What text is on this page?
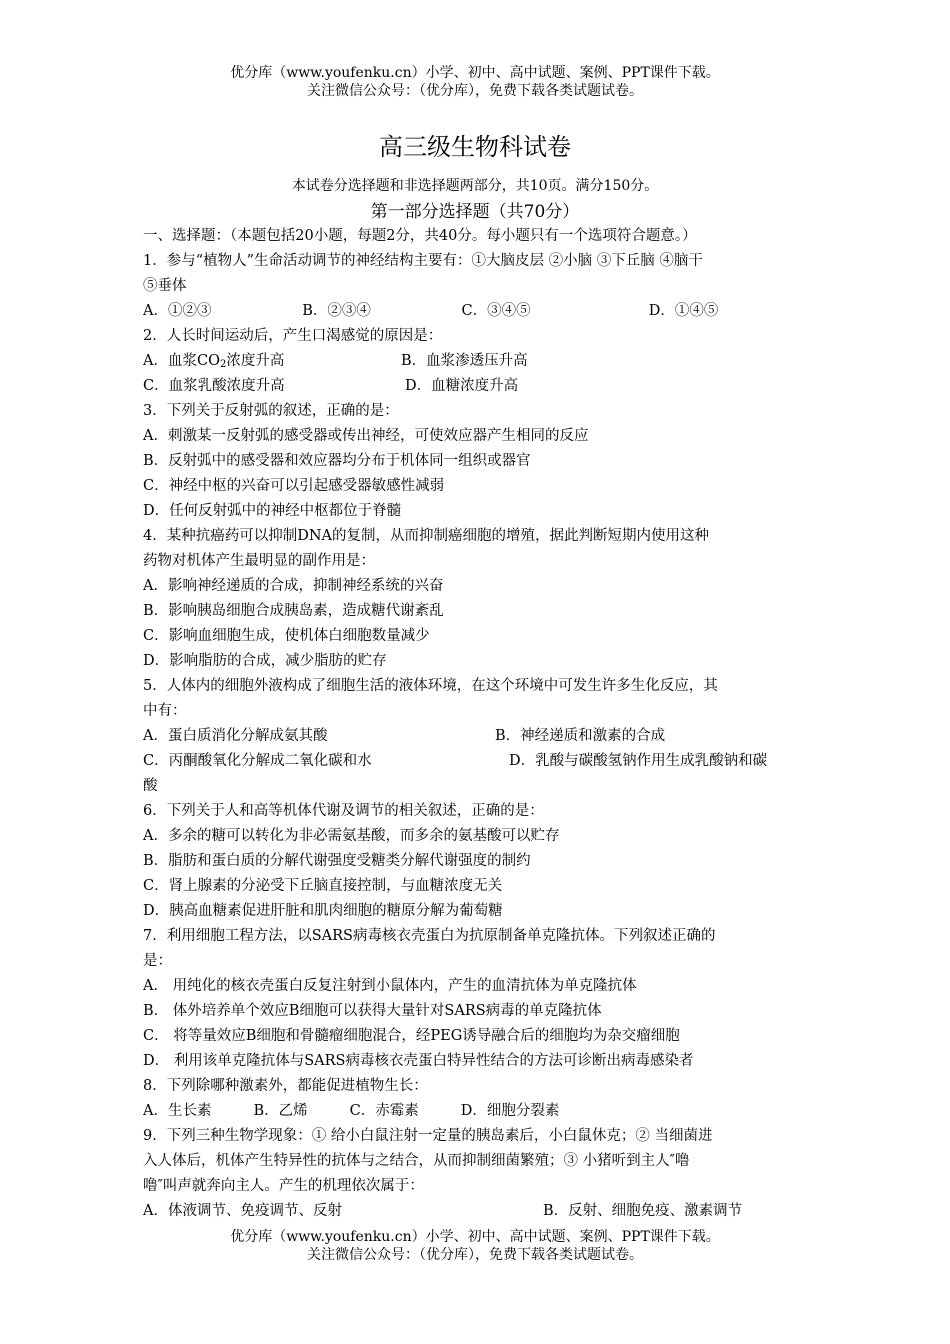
优分库（www.youfenku.cn）小学、初中、高中试题、案例、PPT课件下载。
关注微信公众号：（优分库），免费下载各类试题试卷。
高三级生物科试卷
本试卷分选择题和非选择题两部分，共10页。满分150分。
第一部分选择题（共70分）
一、选择题：（本题包括20小题，每题2分，共40分。每小题只有一个选项符合题意。）
1．参与“植物人”生命活动调节的神经结构主要有：①大脑皮层 ②小脑 ③下丘脑 ④脑干
⑤垂体
A．①②③	B．②③④	C．③④⑤	D．①④⑤
2．人长时间运动后，产生口渴感觉的原因是：
A．血浆$CO_2$浓度升高	B．血浆渗透压升高
C．血浆乳酸浓度升高	D．血糖浓度升高
3．下列关于反射弧的叙述，正确的是：
A．刺激某一反射弧的感受器或传出神经，可使效应器产生相同的反应
B．反射弧中的感受器和效应器均分布于机体同一组织或器官
C．神经中枢的兴奋可以引起感受器敏感性减弱
D．任何反射弧中的神经中枢都位于脊髓
4．某种抗癌药可以抑制DNA的复制，从而抑制癌细胞的增殖，据此判断短期内使用这种
药物对机体产生最明显的副作用是：
A．影响神经递质的合成，抑制神经系统的兴奋
B．影响胰岛细胞合成胰岛素，造成糖代谢紊乱
C．影响血细胞生成，使机体白细胞数量减少
D．影响脂肪的合成，减少脂肪的贮存
5．人体内的细胞外液构成了细胞生活的液体环境，在这个环境中可发生许多生化反应，其
中有：
A．蛋白质消化分解成氨其酸	B．神经递质和激素的合成
C．丙酮酸氧化分解成二氧化碳和水	D．乳酸与碳酸氢钠作用生成乳酸钠和碳
酸
6．下列关于人和高等机体代谢及调节的相关叙述，正确的是：
A．多余的糖可以转化为非必需氨基酸，而多余的氨基酸可以贮存
B．脂肪和蛋白质的分解代谢强度受糖类分解代谢强度的制约
C．肾上腺素的分泌受下丘脑直接控制，与血糖浓度无关
D．胰高血糖素促进肝脏和肌肉细胞的糖原分解为葡萄糖
7．利用细胞工程方法，以SARS病毒核衣壳蛋白为抗原制备单克隆抗体。下列叙述正确的
是：
A． 用纯化的核衣壳蛋白反复注射到小鼠体内，产生的血清抗体为单克隆抗体
B． 体外培养单个效应B细胞可以获得大量针对SARS病毒的单克隆抗体
C． 将等量效应B细胞和骨髓瘤细胞混合，经PEG诱导融合后的细胞均为杂交瘤细胞
D． 利用该单克隆抗体与SARS病毒核衣壳蛋白特异性结合的方法可诊断出病毒感染者
8．下列除哪种激素外，都能促进植物生长：
A．生长素	B．乙烯	C．赤霉素	D．细胞分裂素
9．下列三种生物学现象：① 给小白鼠注射一定量的胰岛素后，小白鼠休克；② 当细菌进
入人体后，机体产生特异性的抗体与之结合，从而抑制细菌繁殖；③ 小猪听到主人″噜
噜″叫声就奔向主人。产生的机理依次属于：
A．体液调节、免疫调节、反射	B．反射、细胞免疫、激素调节
优分库（www.youfenku.cn）小学、初中、高中试题、案例、PPT课件下载。
关注微信公众号：（优分库），免费下载各类试题试卷。
